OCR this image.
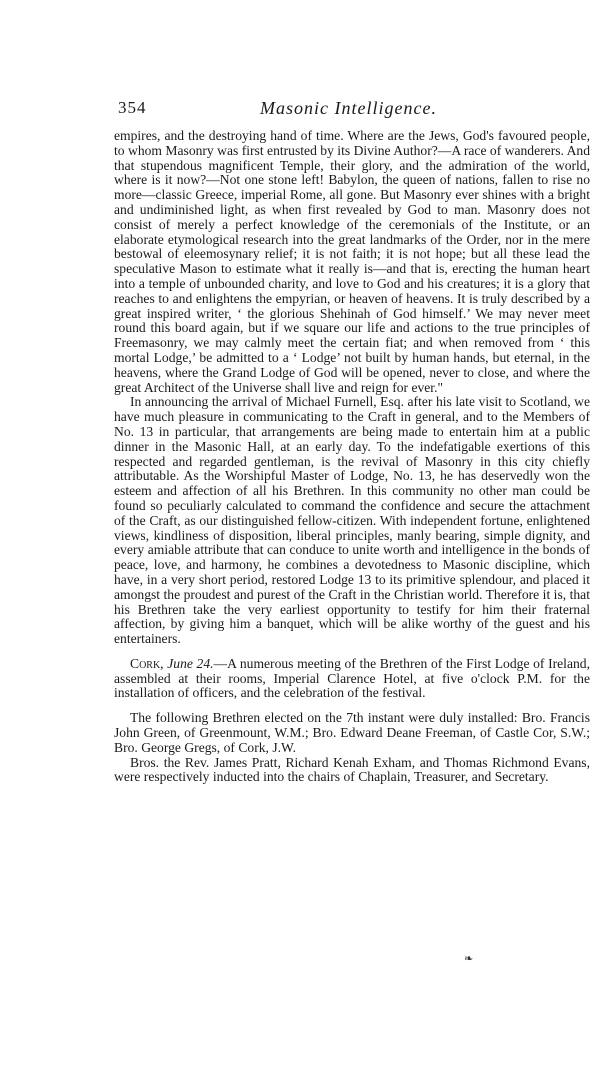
354	Masonic Intelligence.

empires, and the destroying hand of time. Where are the Jews, God's favoured people, to whom Masonry was first entrusted by its Divine Author?—A race of wanderers. And that stupendous magnificent Temple, their glory, and the admiration of the world, where is it now?—Not one stone left! Babylon, the queen of nations, fallen to rise no more—classic Greece, imperial Rome, all gone. But Masonry ever shines with a bright and undiminished light, as when first revealed by God to man. Masonry does not consist of merely a perfect knowledge of the ceremonials of the Institute, or an elaborate etymological research into the great landmarks of the Order, nor in the mere bestowal of eleemosynary relief; it is not faith; it is not hope; but all these lead the speculative Mason to estimate what it really is—and that is, erecting the human heart into a temple of unbounded charity, and love to God and his creatures; it is a glory that reaches to and enlightens the empyrian, or heaven of heavens. It is truly described by a great inspired writer, ‘ the glorious Shehinah of God himself.’ We may never meet round this board again, but if we square our life and actions to the true principles of Freemasonry, we may calmly meet the certain fiat; and when removed from ‘ this mortal Lodge,’ be admitted to a ‘ Lodge’ not built by human hands, but eternal, in the heavens, where the Grand Lodge of God will be opened, never to close, and where the great Architect of the Universe shall live and reign for ever."

In announcing the arrival of Michael Furnell, Esq. after his late visit to Scotland, we have much pleasure in communicating to the Craft in general, and to the Members of No. 13 in particular, that arrangements are being made to entertain him at a public dinner in the Masonic Hall, at an early day. To the indefatigable exertions of this respected and regarded gentleman, is the revival of Masonry in this city chiefly attributable. As the Worshipful Master of Lodge, No. 13, he has deservedly won the esteem and affection of all his Brethren. In this community no other man could be found so peculiarly calculated to command the confidence and secure the attachment of the Craft, as our distinguished fellow-citizen. With independent fortune, enlightened views, kindliness of disposition, liberal principles, manly bearing, simple dignity, and every amiable attribute that can conduce to unite worth and intelligence in the bonds of peace, love, and harmony, he combines a devotedness to Masonic discipline, which have, in a very short period, restored Lodge 13 to its primitive splendour, and placed it amongst the proudest and purest of the Craft in the Christian world. Therefore it is, that his Brethren take the very earliest opportunity to testify for him their fraternal affection, by giving him a banquet, which will be alike worthy of the guest and his entertainers.

Cork, June 24.—A numerous meeting of the Brethren of the First Lodge of Ireland, assembled at their rooms, Imperial Clarence Hotel, at five o'clock P.M. for the installation of officers, and the celebration of the festival.

The following Brethren elected on the 7th instant were duly installed: Bro. Francis John Green, of Greenmount, W.M.; Bro. Edward Deane Freeman, of Castle Cor, S.W.; Bro. George Gregs, of Cork, J.W.

Bros. the Rev. James Pratt, Richard Kenah Exham, and Thomas Richmond Evans, were respectively inducted into the chairs of Chaplain, Treasurer, and Secretary.

❧
